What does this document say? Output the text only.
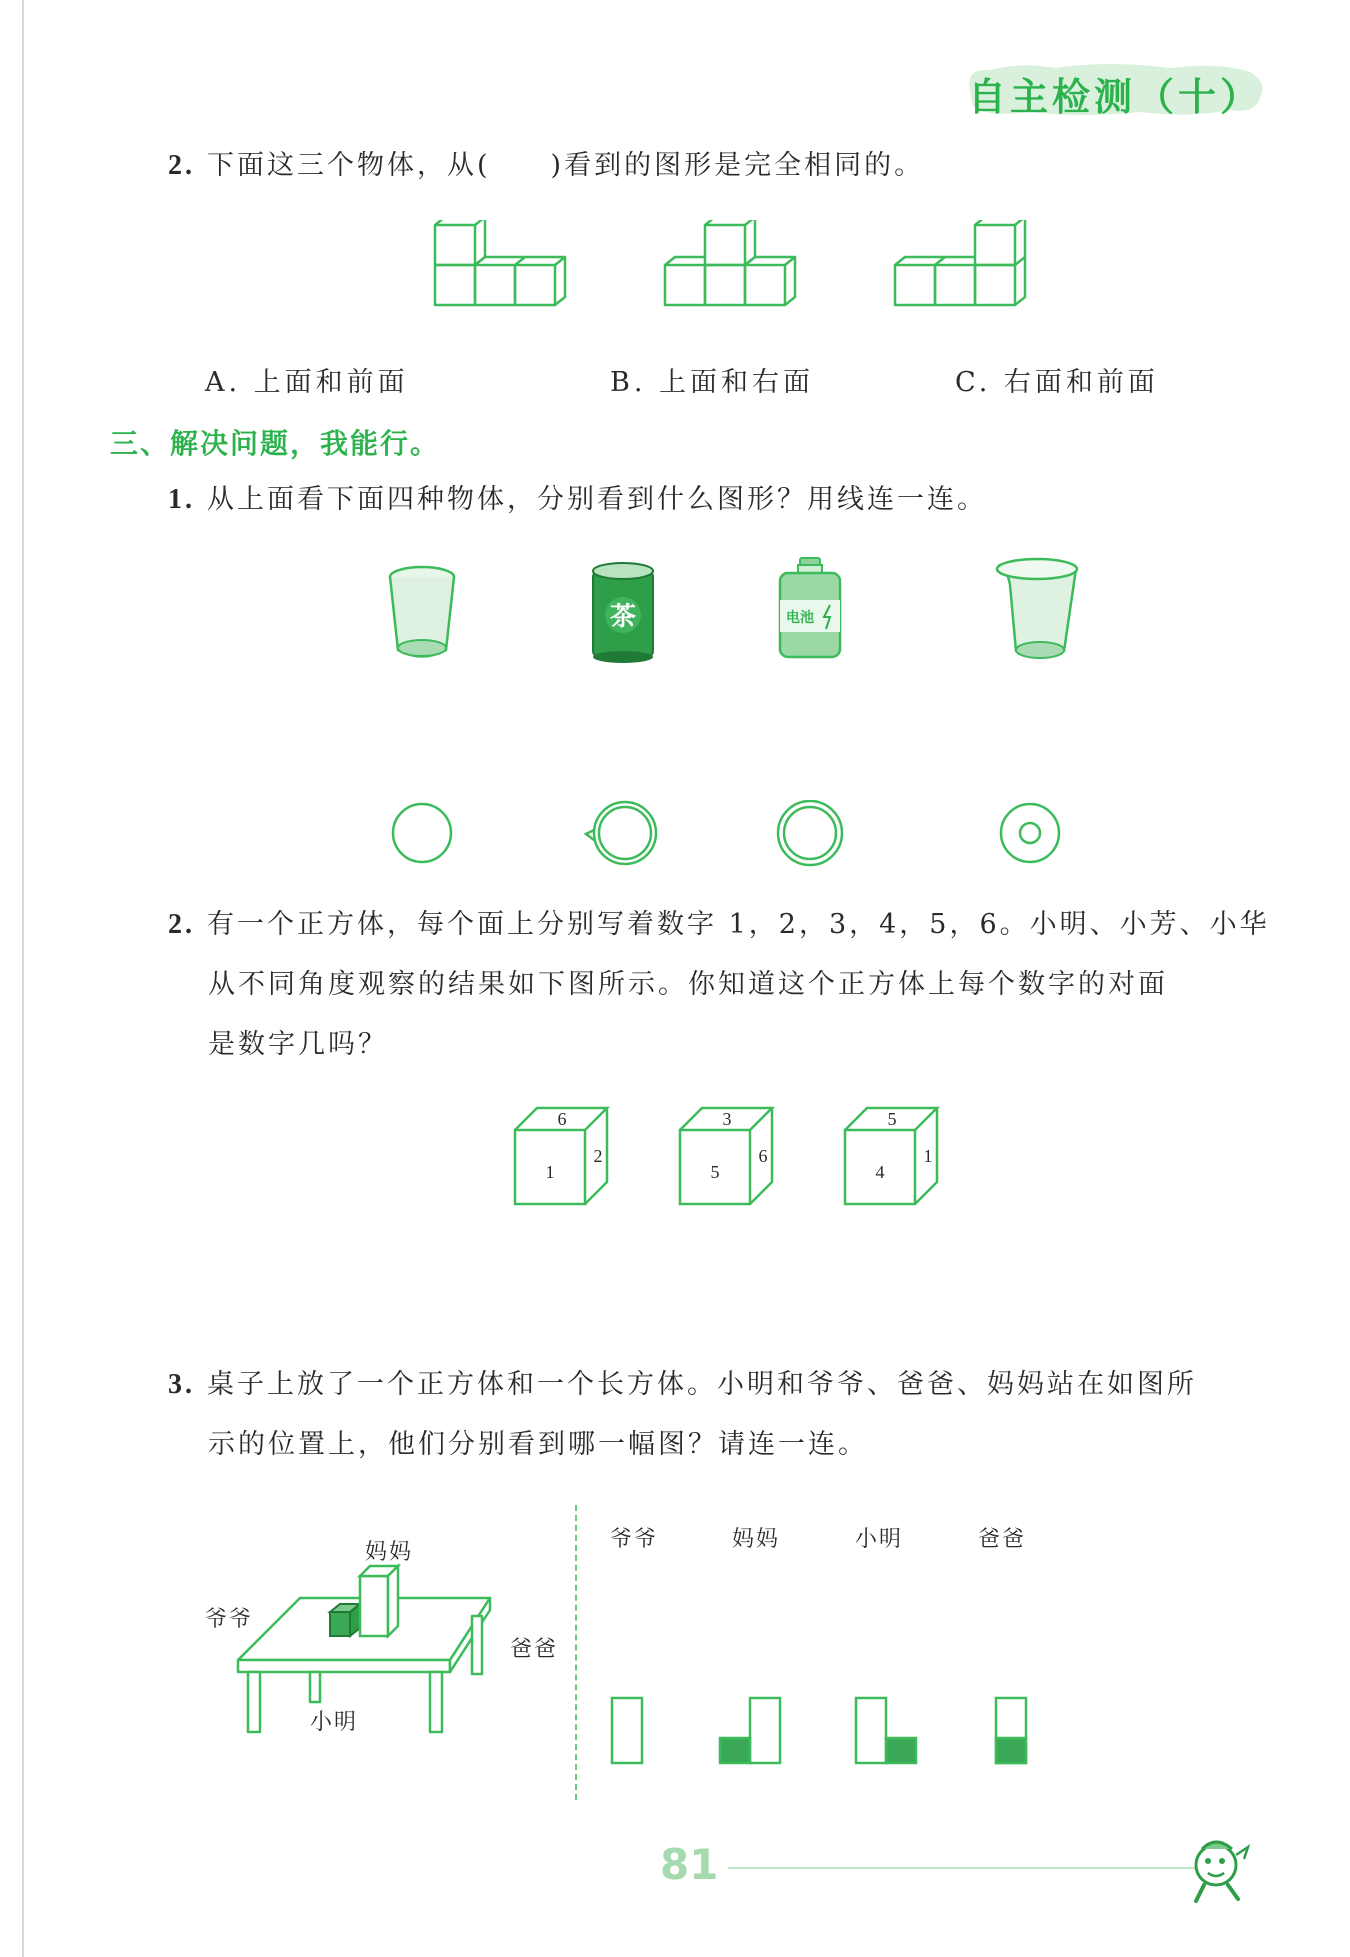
自主检测（十）
2. 下面这三个物体，从(　　)看到的图形是完全相同的。
A. 上面和前面	B. 上面和右面	C. 右面和前面
三、解决问题，我能行。
1. 从上面看下面四种物体，分别看到什么图形？用线连一连。
茶	电池
2. 有一个正方体，每个面上分别写着数字 1，2，3，4，5，6。小明、小芳、小华
从不同角度观察的结果如下图所示。你知道这个正方体上每个数字的对面
是数字几吗？
6
1
2
3
5
6
5
4
1
3. 桌子上放了一个正方体和一个长方体。小明和爷爷、爸爸、妈妈站在如图所
示的位置上，他们分别看到哪一幅图？请连一连。
妈妈
爷爷
爸爸
小明
爷爷	妈妈	小明	爸爸
81
